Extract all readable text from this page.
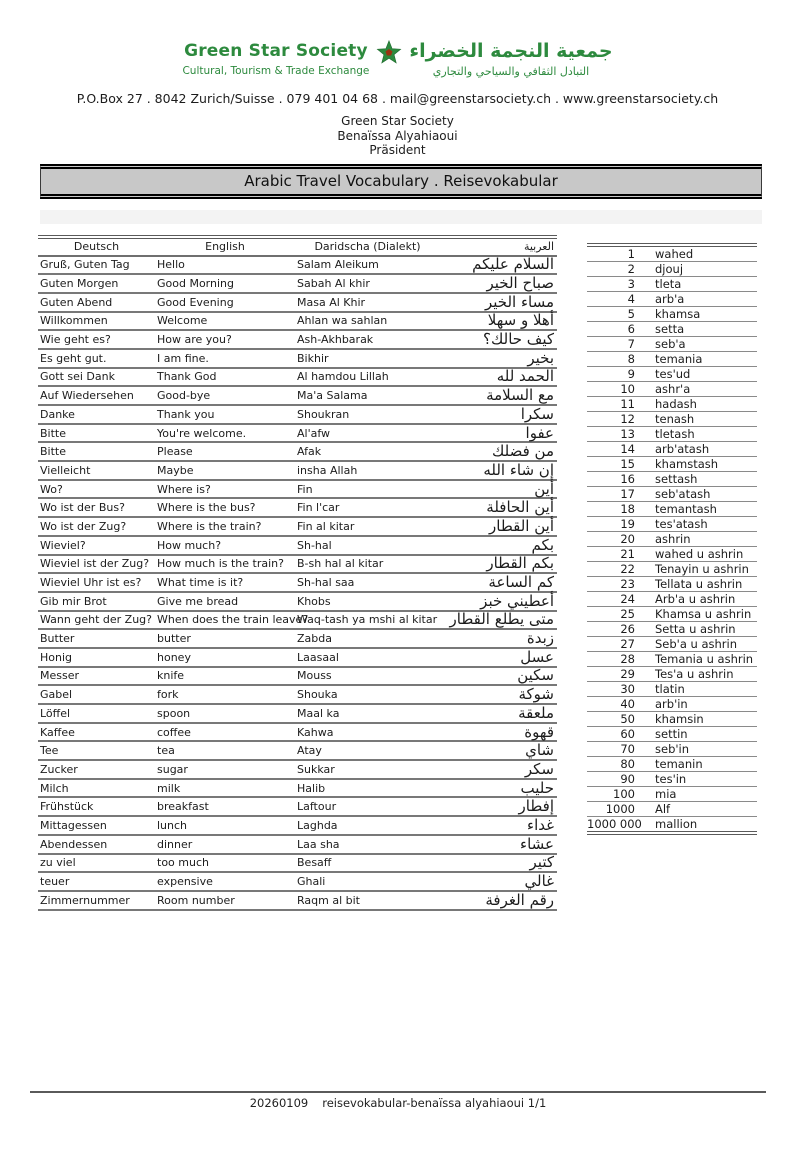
Green Star Society
Cultural, Tourism & Trade Exchange
جمعية النجمة الخضراء
التبادل الثقافي والسياحي والتجاري
P.O.Box 27 . 8042 Zurich/Suisse . 079 401 04 68 . mail@greenstarsociety.ch . www.greenstarsociety.ch
Green Star Society
Benaïssa Alyahiaoui
Präsident
Arabic Travel Vocabulary . Reisevokabular
Deutsch	English	Daridscha (Dialekt)	العربية
Gruß, Guten Tag	Hello	Salam Aleikum	السلام عليكم
Guten Morgen	Good Morning	Sabah Al khir	صباح الخير
Guten Abend	Good Evening	Masa Al Khir	مساء الخير
Willkommen	Welcome	Ahlan wa sahlan	أهلا و سهلا
Wie geht es?	How are you?	Ash-Akhbarak	كيف حالك؟
Es geht gut.	I am fine.	Bikhir	بخير
Gott sei Dank	Thank God	Al hamdou Lillah	الحمد لله
Auf Wiedersehen	Good-bye	Ma'a Salama	مع السلامة
Danke	Thank you	Shoukran	سكرا
Bitte	You're welcome.	Al'afw	عفوا
Bitte	Please	Afak	من فضلك
Vielleicht	Maybe	insha Allah	إن شاء الله
Wo?	Where is?	Fin	أين
Wo ist der Bus?	Where is the bus?	Fin l'car	أين الحافلة
Wo ist der Zug?	Where is the train?	Fin al kitar	أين القطار
Wieviel?	How much?	Sh-hal	بكم
Wieviel ist der Zug?	How much is the train?	B-sh hal al kitar	بكم القطار
Wieviel Uhr ist es?	What time is it?	Sh-hal saa	كم الساعة
Gib mir Brot	Give me bread	Khobs	أعطيني خبز
Wann geht der Zug?	When does the train leave?	Waq-tash ya mshi al kitar	متى يطلع القطار
Butter	butter	Zabda	زبدة
Honig	honey	Laasaal	عسل
Messer	knife	Mouss	سكين
Gabel	fork	Shouka	شوكة
Löffel	spoon	Maal ka	ملعقة
Kaffee	coffee	Kahwa	قهوة
Tee	tea	Atay	شاي
Zucker	sugar	Sukkar	سكر
Milch	milk	Halib	حليب
Frühstück	breakfast	Laftour	إفطار
Mittagessen	lunch	Laghda	غداء
Abendessen	dinner	Laa sha	عشاء
zu viel	too much	Besaff	كتير
teuer	expensive	Ghali	غالي
Zimmernummer	Room number	Raqm al bit	رقم الغرفة
1	wahed
2	djouj
3	tleta
4	arb'a
5	khamsa
6	setta
7	seb'a
8	temania
9	tes'ud
10	ashr'a
11	hadash
12	tenash
13	tletash
14	arb'atash
15	khamstash
16	settash
17	seb'atash
18	temantash
19	tes'atash
20	ashrin
21	wahed u ashrin
22	Tenayin u ashrin
23	Tellata u ashrin
24	Arb'a u ashrin
25	Khamsa u ashrin
26	Setta u ashrin
27	Seb'a u ashrin
28	Temania u ashrin
29	Tes'a u ashrin
30	tlatin
40	arb'in
50	khamsin
60	settin
70	seb'in
80	temanin
90	tes'in
100	mia
1000	Alf
1000 000	mallion
20260109 reisevokabular-benaïssa alyahiaoui 1/1
